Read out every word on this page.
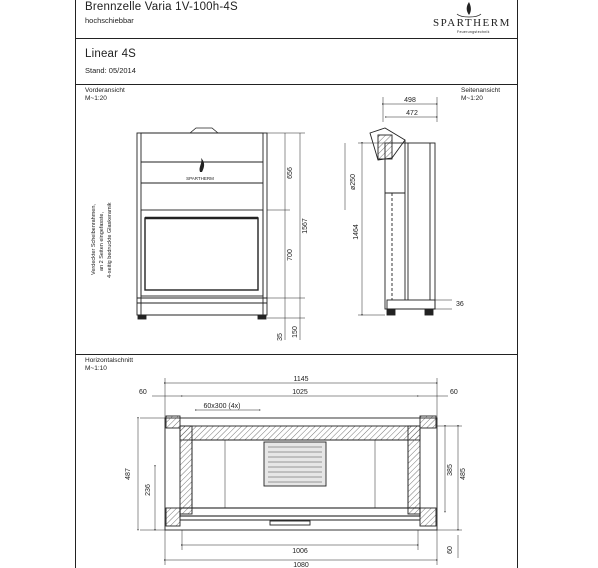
Brennzelle Varia 1V-100h-4S
hochschiebbar	SPARTHERM
Feuerungstechnik
Linear 4S
Stand: 05/2014
Vorderansicht
M~1:20
Seitenansicht
M~1:20
Horizontalschnitt
M~1:10
SPARTHERM
Verdeckter Scheibenrahmen, an 2 Seiten eingefasste, 4-seitig bedruckte Glaskeramik
656
700
1567
35 150
498
472
ø250
1464
36
1145
1025
60	60
60x300 (4x)
487
236
385 485
1006
1080
60
